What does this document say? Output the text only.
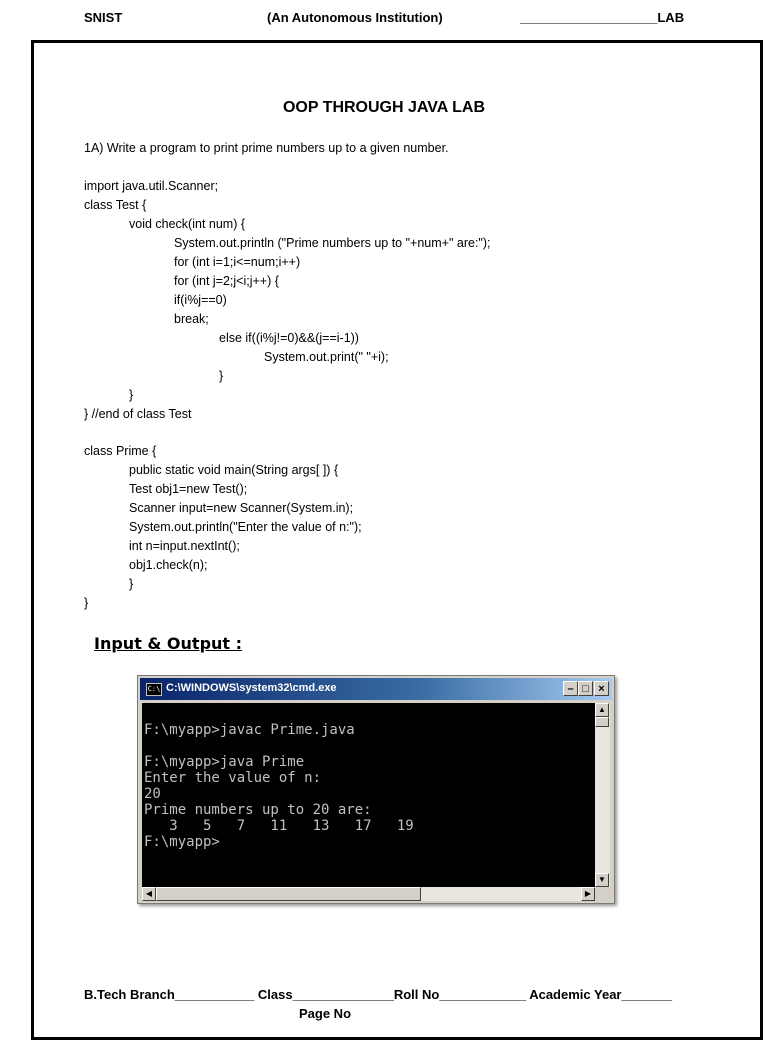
SNIST	(An Autonomous Institution)	___________________LAB
OOP THROUGH JAVA LAB
1A) Write a program to print prime numbers up to a given number.
import java.util.Scanner;
class Test {
void check(int num) {
System.out.println ("Prime numbers up to "+num+" are:");
for (int i=1;i<=num;i++)
for (int j=2;j<i;j++) {
if(i%j==0)
break;
else if((i%j!=0)&&(j==i-1))
System.out.print(" "+i);
}
}
} //end of class Test
class Prime {
public static void main(String args[ ]) {
Test obj1=new Test();
Scanner input=new Scanner(System.in);
System.out.println("Enter the value of n:");
int n=input.nextInt();
obj1.check(n);
}
}
Input & Output :
C:\ C:\WINDOWS\system32\cmd.exe	– □ ×
F:\myapp>javac Prime.java
F:\myapp>java Prime
Enter the value of n:
20
Prime numbers up to 20 are:
3   5   7   11   13   17   19
F:\myapp>
▲
▼
◀	▶
B.Tech Branch___________ Class______________Roll No____________ Academic Year_______
Page No
